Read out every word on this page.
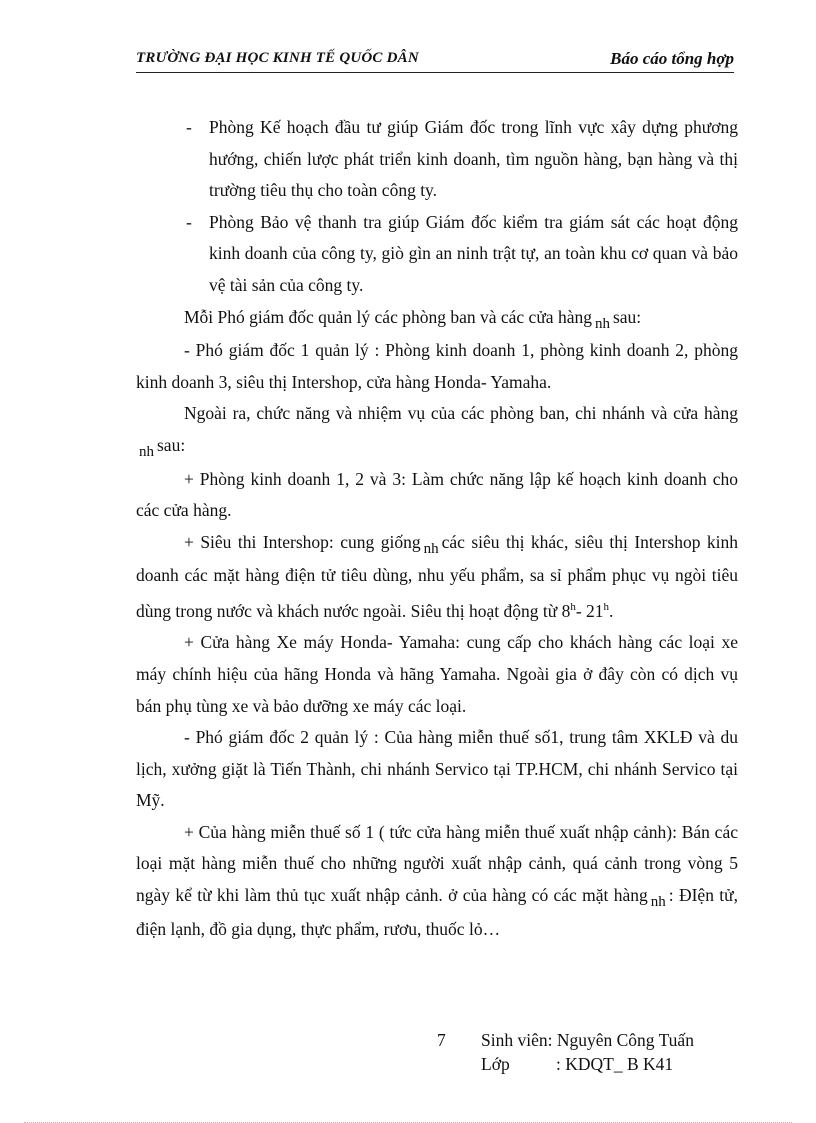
TRƯỜNG ĐẠI HỌC KINH TẾ QUỐC DÂN	Báo cáo tổng hợp
- Phòng Kế hoạch đầu tư giúp Giám đốc trong lĩnh vực xây dựng phương hướng, chiến lược phát triển kinh doanh, tìm nguồn hàng, bạn hàng và thị trường tiêu thụ cho toàn công ty.
- Phòng Bảo vệ thanh tra giúp Giám đốc kiểm tra giám sát các hoạt động kinh doanh của công ty, giò gìn an ninh trật tự, an toàn khu cơ quan và bảo vệ tài sản của công ty.
Mỗi Phó giám đốc quản lý các phòng ban và các cửa hàng nh sau:
- Phó giám đốc 1 quản lý : Phòng kinh doanh 1, phòng kinh doanh 2, phòng kinh doanh 3, siêu thị Intershop, cửa hàng Honda- Yamaha.
Ngoài ra, chức năng và nhiệm vụ của các phòng ban, chi nhánh và cửa hàng nh sau:
+ Phòng kinh doanh 1, 2 và 3: Làm chức năng lập kế hoạch kinh doanh cho các cửa hàng.
+ Siêu thi Intershop: cung giống nh các siêu thị khác, siêu thị Intershop kinh doanh các mặt hàng điện tử tiêu dùng, nhu yếu phẩm, sa sỉ phẩm phục vụ ngòi tiêu dùng trong nước và khách nước ngoài. Siêu thị hoạt động từ 8$^h$- $21^h$.
+ Cửa hàng Xe máy Honda- Yamaha: cung cấp cho khách hàng các loại xe máy chính hiệu của hãng Honda và hãng Yamaha. Ngoài gia ở đây còn có dịch vụ bán phụ tùng xe và bảo dưỡng xe máy các loại.
- Phó giám đốc 2 quản lý : Của hàng miễn thuế số1, trung tâm XKLĐ và du lịch, xưởng giặt là Tiến Thành, chi nhánh Servico tại TP.HCM, chi nhánh Servico tại Mỹ.
+ Của hàng miễn thuế số 1 ( tức cửa hàng miễn thuế xuất nhập cảnh): Bán các loại mặt hàng miễn thuế cho những người xuất nhập cảnh, quá cảnh trong vòng 5 ngày kể từ khi làm thủ tục xuất nhập cảnh. ở của hàng có các mặt hàng nh : ĐIện tử, điện lạnh, đồ gia dụng, thực phẩm, rươu, thuốc lỏ…
7 Sinh viên: Nguyên Công Tuấn
Lớp	: KDQT_ B K41
